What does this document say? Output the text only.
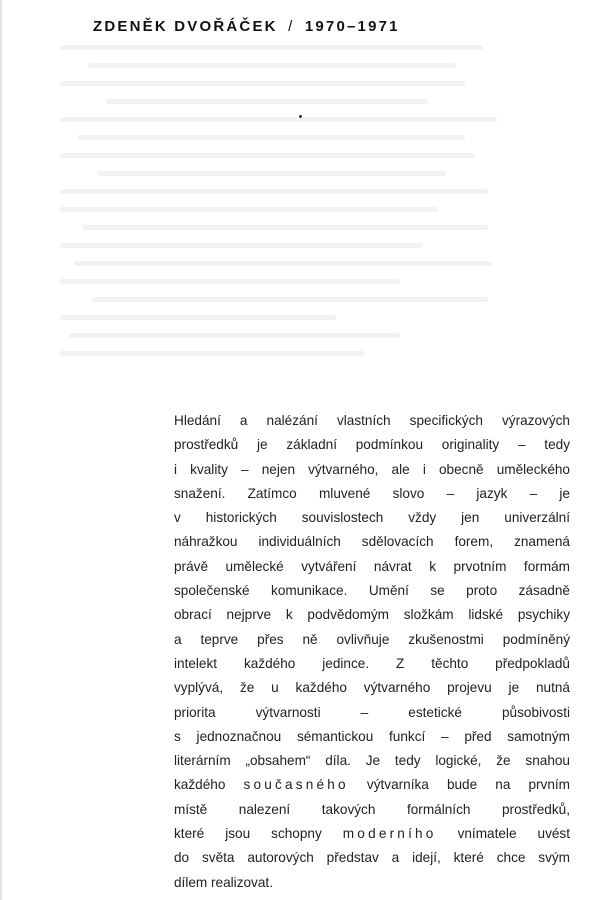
ZDENĚK DVOŘÁČEK / 1970–1971
Hledání a nalézání vlastních specifických výrazových
prostředků je základní podmínkou originality – tedy
i kvality – nejen výtvarného, ale i obecně uměleckého
snažení. Zatímco mluvené slovo – jazyk – je
v historických souvislostech vždy jen univerzální
náhražkou individuálních sdělovacích forem, znamená
právě umělecké vytváření návrat k prvotním formám
společenské komunikace. Umění se proto zásadně
obrací nejprve k podvědomým složkám lidské psychiky
a teprve přes ně ovlivňuje zkušenostmi podmíněný
intelekt každého jedince. Z těchto předpokladů
vyplývá, že u každého výtvarného projevu je nutná
priorita výtvarnosti – estetické působivosti
s jednoznačnou sémantickou funkcí – před samotným
literárním „obsahem“ díla. Je tedy logické, že snahou
každého současného výtvarníka bude na prvním
místě nalezení takových formálních prostředků,
které jsou schopny moderního vnímatele uvést
do světa autorových představ a idejí, které chce svým
dílem realizovat.
